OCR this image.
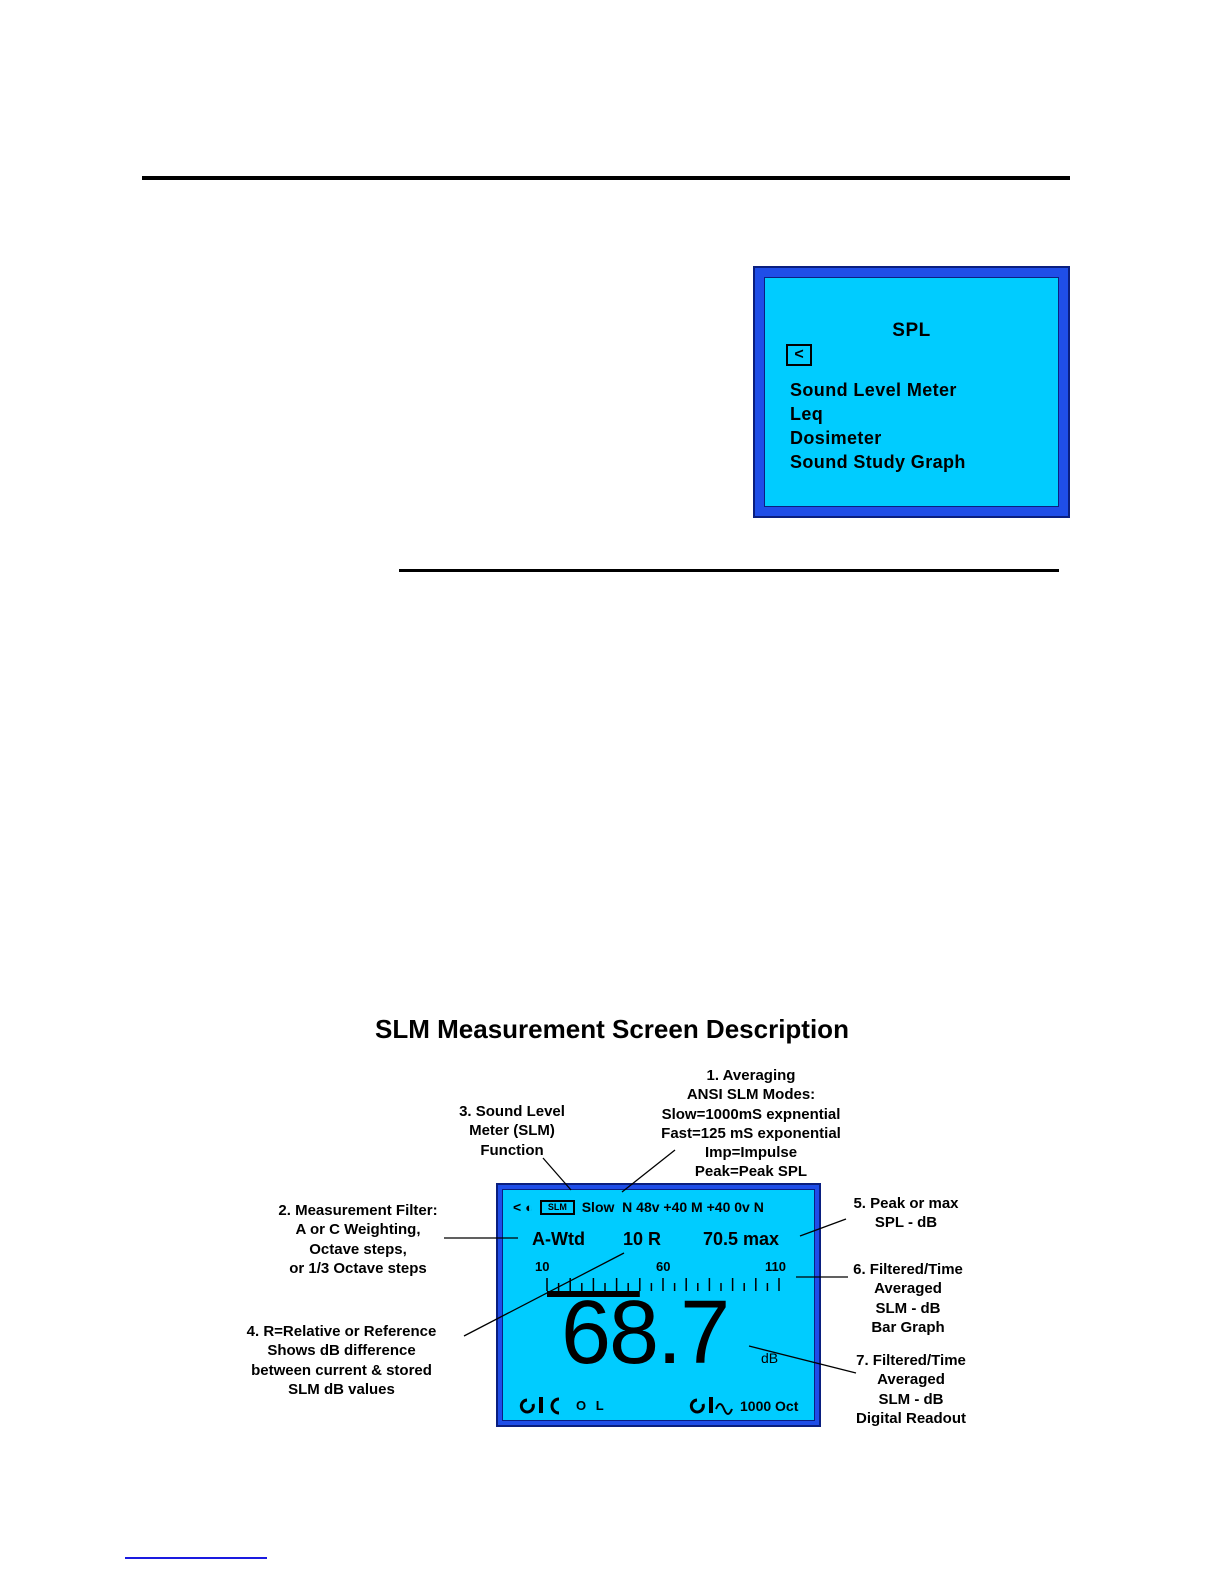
SPL
<
Sound Level Meter
Leq
Dosimeter
Sound Study Graph
SLM Measurement Screen Description
1. Averaging
ANSI SLM Modes:
Slow=1000mS expnential
Fast=125 mS exponential
Imp=Impulse
Peak=Peak SPL
3. Sound Level
Meter (SLM)
Function
2. Measurement Filter:
A or C Weighting,
Octave steps,
or 1/3 Octave steps
5. Peak or max
SPL - dB
6. Filtered/Time
Averaged
SLM - dB
Bar Graph
4. R=Relative or Reference
Shows dB difference
between current & stored
SLM dB values
7. Filtered/Time
Averaged
SLM - dB
Digital Readout
< ◐ SLM Slow  N 48v +40 M +40 0v N
A-Wtd 10 R 70.5 max
10	60	110
68.7 dB
O L	1000 Oct
